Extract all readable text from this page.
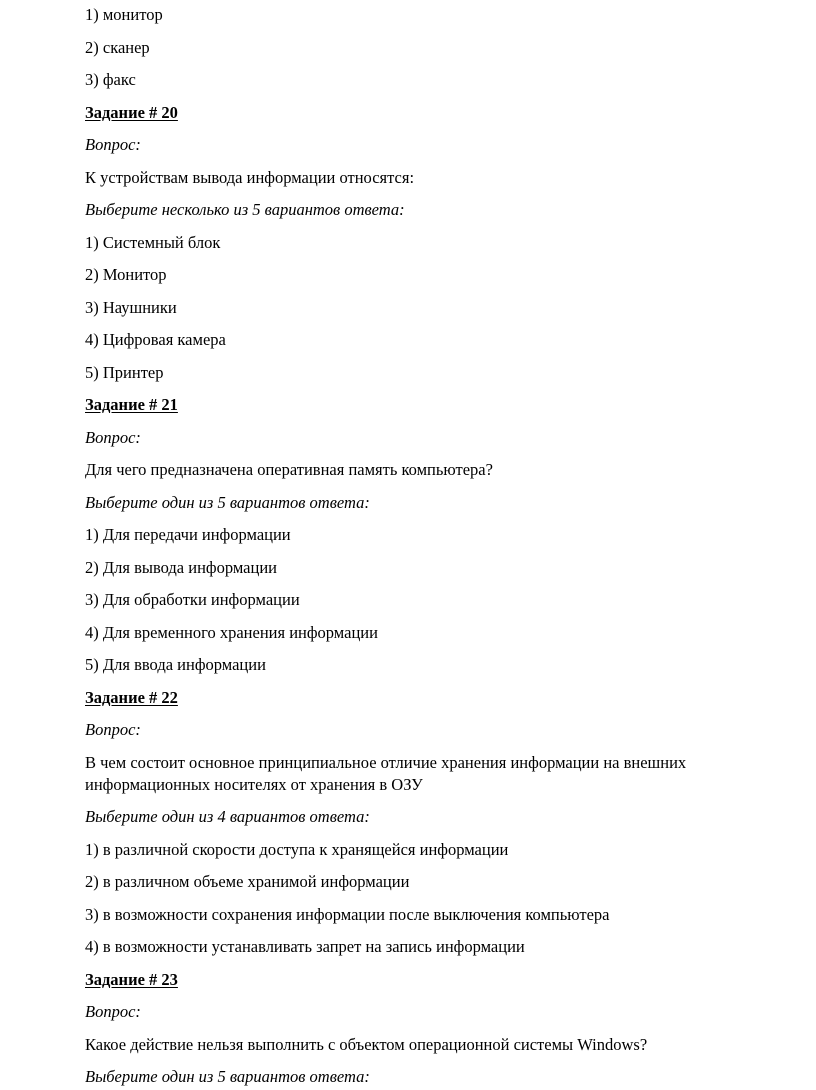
1) монитор

2) сканер

3) факс

Задание # 20

Вопрос:

К устройствам вывода информации относятся:

Выберите несколько из 5 вариантов ответа:

1) Системный блок

2) Монитор

3) Наушники

4) Цифровая камера

5) Принтер

Задание # 21

Вопрос:

Для чего предназначена оперативная память компьютера?

Выберите один из 5 вариантов ответа:

1) Для передачи информации

2) Для вывода информации

3) Для обработки информации

4) Для временного хранения информации

5) Для ввода информации

Задание # 22

Вопрос:

В чем состоит основное принципиальное отличие хранения информации на внешних информационных носителях от хранения в ОЗУ

Выберите один из 4 вариантов ответа:

1) в различной скорости доступа к хранящейся информации

2) в различном объеме хранимой информации

3) в возможности сохранения информации после выключения компьютера

4) в возможности устанавливать запрет на запись информации

Задание # 23

Вопрос:

Какое действие нельзя выполнить с объектом операционной системы Windows?

Выберите один из 5 вариантов ответа:
